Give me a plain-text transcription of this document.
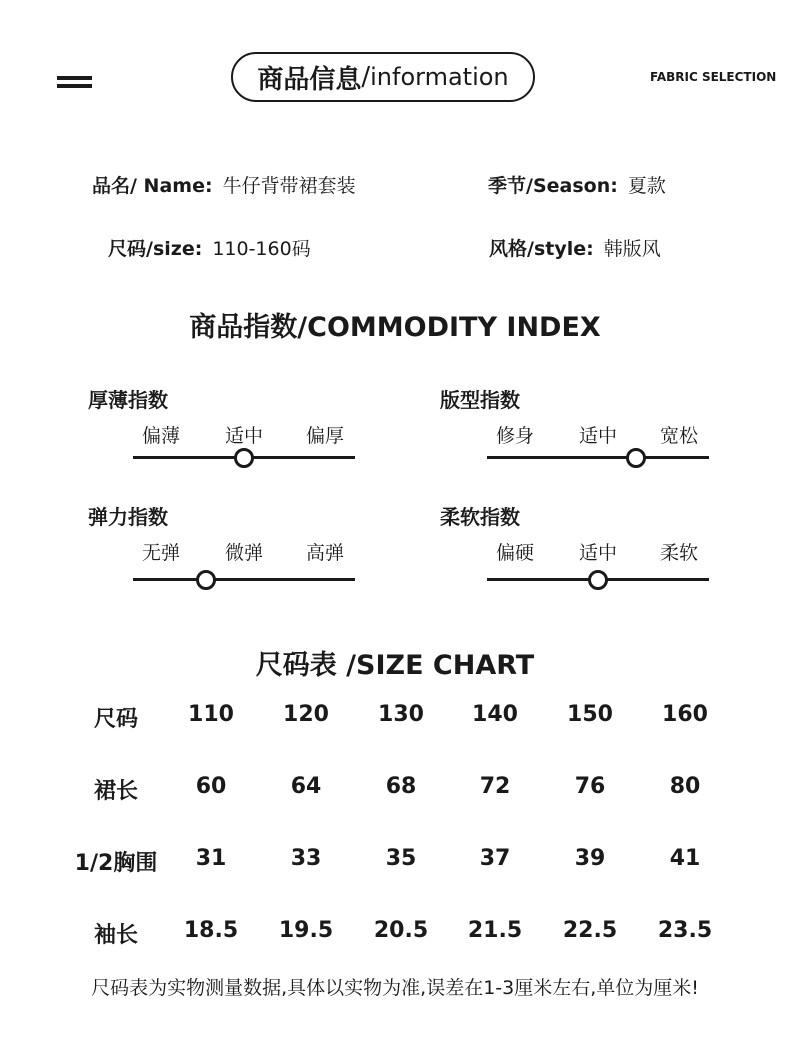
商品信息 / information	FABRIC SELECTION
品名/ Name: 牛仔背带裙套装	季节/Season: 夏款
尺码/size: 110-160码	风格/style: 韩版风
商品指数/COMMODITY INDEX
厚薄指数
偏薄 适中 偏厚
版型指数
修身 适中 宽松
弹力指数
无弹 微弹 高弹
柔软指数
偏硬 适中 柔软
尺码表 /SIZE CHART
尺码 110 120 130 140 150 160
裙长	60	64	68	72	76	80
1/2胸围 31	33	35	37	39	41
袖长 18.5 19.5 20.5 21.5 22.5 23.5
尺码表为实物测量数据,具体以实物为准,误差在1-3厘米左右,单位为厘米!
